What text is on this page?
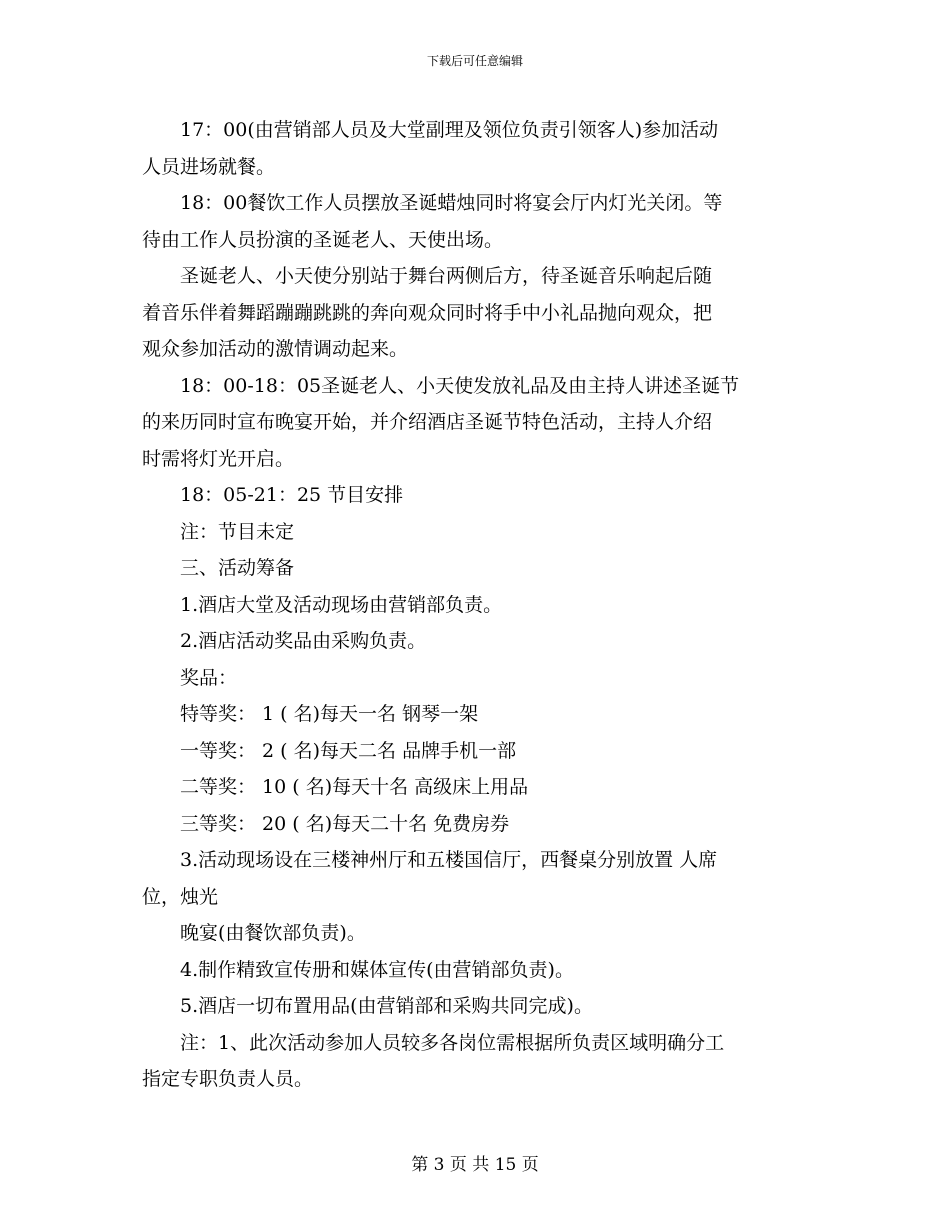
下载后可任意编辑

　　17：00(由营销部人员及大堂副理及领位负责引领客人)参加活动

人员进场就餐。

　　18：00餐饮工作人员摆放圣诞蜡烛同时将宴会厅内灯光关闭。等

待由工作人员扮演的圣诞老人、天使出场。

　　圣诞老人、小天使分别站于舞台两侧后方，待圣诞音乐响起后随

着音乐伴着舞蹈蹦蹦跳跳的奔向观众同时将手中小礼品抛向观众，把

观众参加活动的激情调动起来。

　　18：00-18：05圣诞老人、小天使发放礼品及由主持人讲述圣诞节

的来历同时宣布晚宴开始，并介绍酒店圣诞节特色活动，主持人介绍

时需将灯光开启。

　　18：05-21：25 节目安排

　　注：节目未定

　　三、活动筹备

　　1.酒店大堂及活动现场由营销部负责。

　　2.酒店活动奖品由采购负责。

　　奖品：

　　特等奖： 1 ( 名)每天一名 钢琴一架

　　一等奖： 2 ( 名)每天二名 品牌手机一部

　　二等奖： 10 ( 名)每天十名 高级床上用品

　　三等奖： 20 ( 名)每天二十名 免费房券

　　3.活动现场设在三楼神州厅和五楼国信厅，西餐桌分别放置 人席

位，烛光

　　晚宴(由餐饮部负责)。

　　4.制作精致宣传册和媒体宣传(由营销部负责)。

　　5.酒店一切布置用品(由营销部和采购共同完成)。

　　注：1、此次活动参加人员较多各岗位需根据所负责区域明确分工

指定专职负责人员。

第 3 页 共 15 页
